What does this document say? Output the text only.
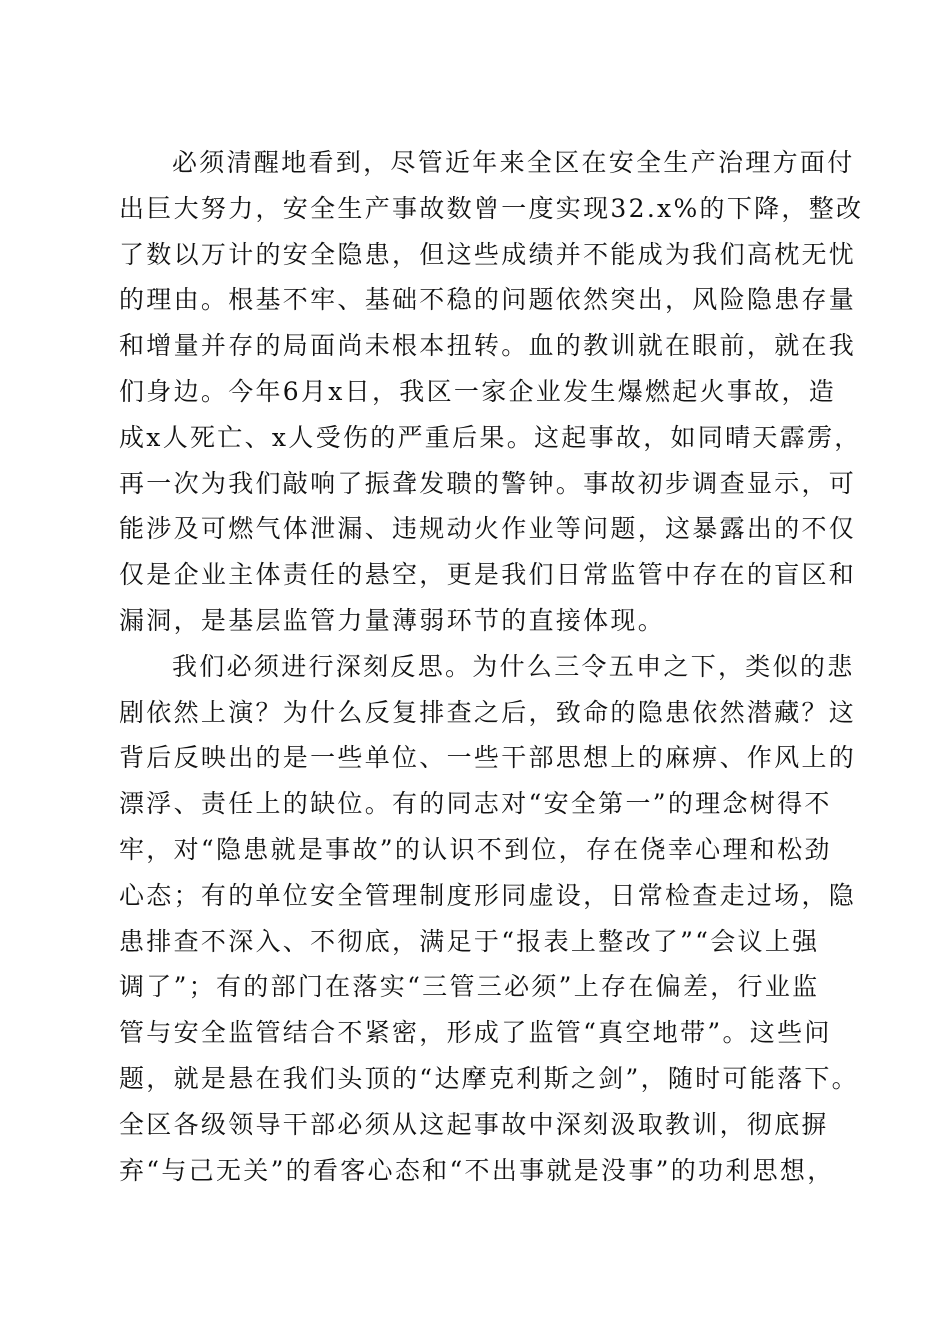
必须清醒地看到，尽管近年来全区在安全生产治理方面付
出巨大努力，安全生产事故数曾一度实现32.x%的下降，整改
了数以万计的安全隐患，但这些成绩并不能成为我们高枕无忧
的理由。根基不牢、基础不稳的问题依然突出，风险隐患存量
和增量并存的局面尚未根本扭转。血的教训就在眼前，就在我
们身边。今年6月x日，我区一家企业发生爆燃起火事故，造
成x人死亡、x人受伤的严重后果。这起事故，如同晴天霹雳，
再一次为我们敲响了振聋发聩的警钟。事故初步调查显示，可
能涉及可燃气体泄漏、违规动火作业等问题，这暴露出的不仅
仅是企业主体责任的悬空，更是我们日常监管中存在的盲区和
漏洞，是基层监管力量薄弱环节的直接体现。
我们必须进行深刻反思。为什么三令五申之下，类似的悲
剧依然上演？为什么反复排查之后，致命的隐患依然潜藏？这
背后反映出的是一些单位、一些干部思想上的麻痹、作风上的
漂浮、责任上的缺位。有的同志对“安全第一”的理念树得不
牢，对“隐患就是事故”的认识不到位，存在侥幸心理和松劲
心态；有的单位安全管理制度形同虚设，日常检查走过场，隐
患排查不深入、不彻底，满足于“报表上整改了”“会议上强
调了”；有的部门在落实“三管三必须”上存在偏差，行业监
管与安全监管结合不紧密，形成了监管“真空地带”。这些问
题，就是悬在我们头顶的“达摩克利斯之剑”，随时可能落下。
全区各级领导干部必须从这起事故中深刻汲取教训，彻底摒
弃“与己无关”的看客心态和“不出事就是没事”的功利思想，
